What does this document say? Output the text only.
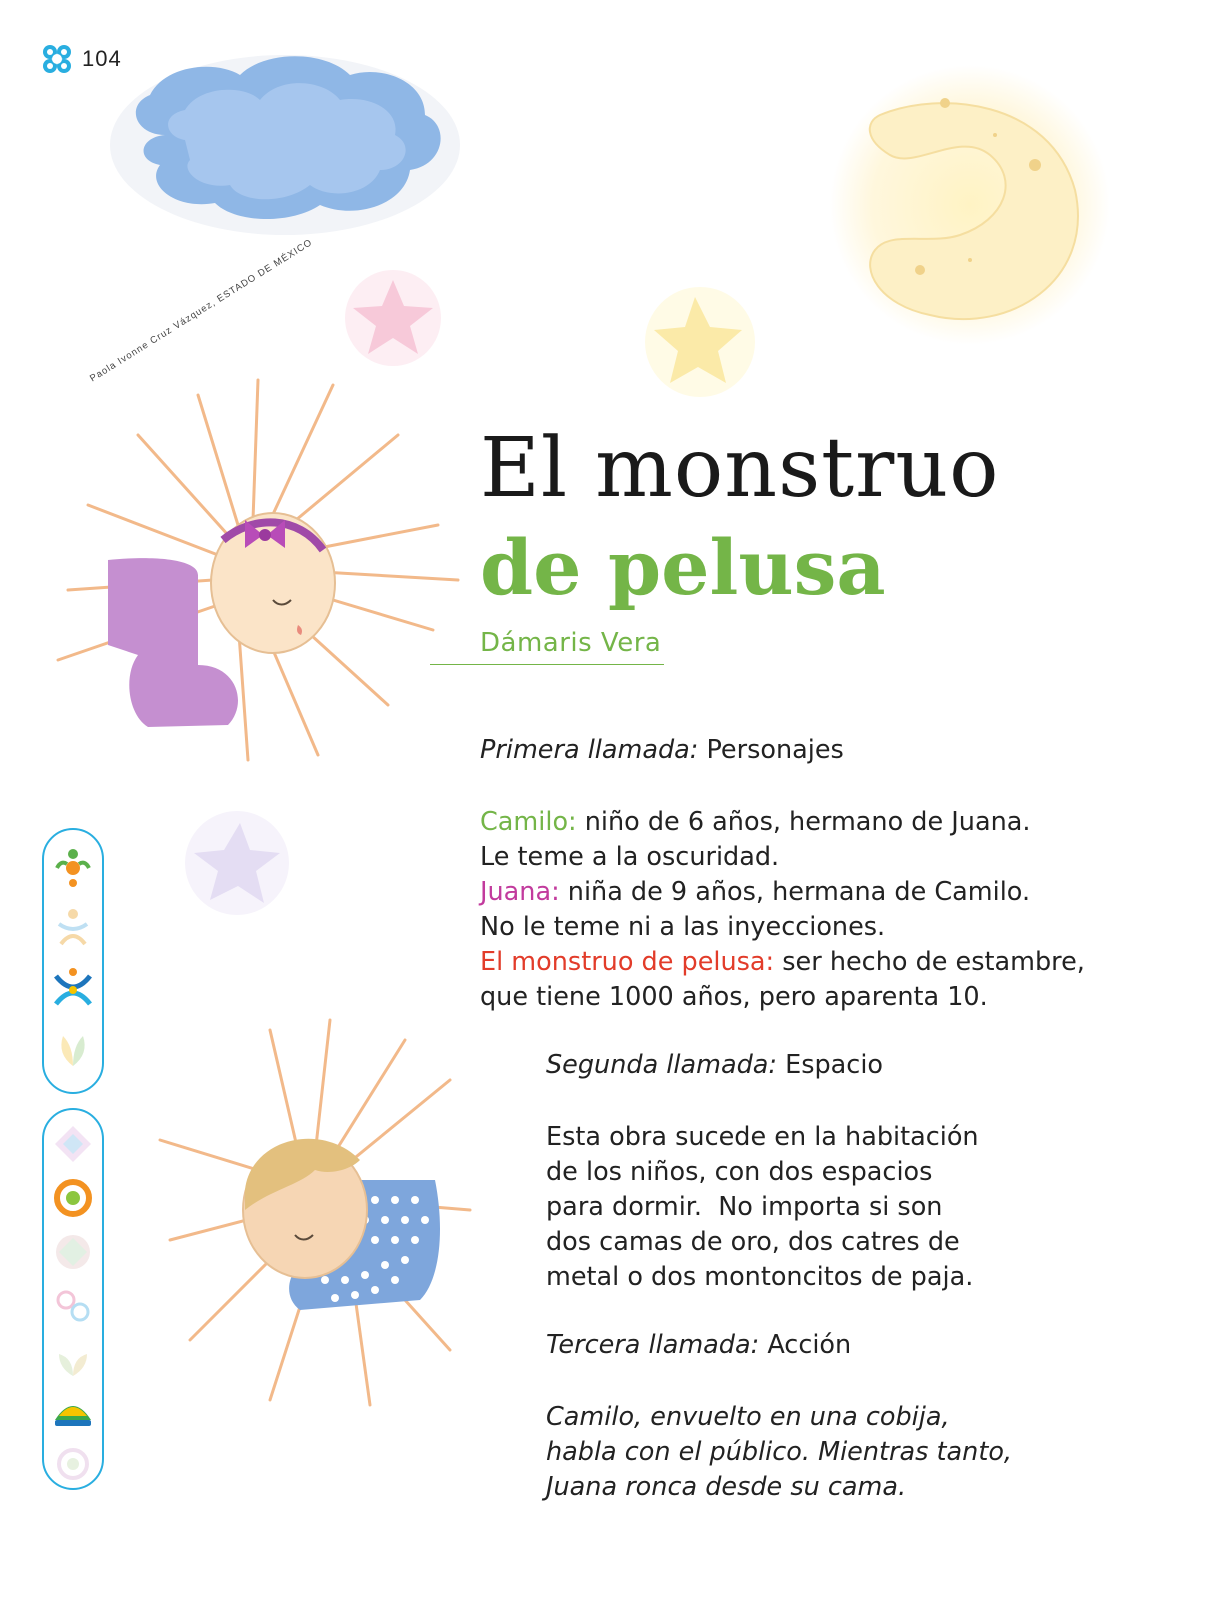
104
Paola Ivonne Cruz Vázquez, ESTADO DE MÉXICO
El monstruo
de pelusa
Dámaris Vera
Primera llamada: Personajes
Camilo: niño de 6 años, hermano de Juana.
Le teme a la oscuridad.
Juana: niña de 9 años, hermana de Camilo.
No le teme ni a las inyecciones.
El monstruo de pelusa: ser hecho de estambre,
que tiene 1000 años, pero aparenta 10.
Segunda llamada: Espacio
Esta obra sucede en la habitación
de los niños, con dos espacios
para dormir.  No importa si son
dos camas de oro, dos catres de
metal o dos montoncitos de paja.
Tercera llamada: Acción
Camilo, envuelto en una cobija,
habla con el público. Mientras tanto,
Juana ronca desde su cama.
